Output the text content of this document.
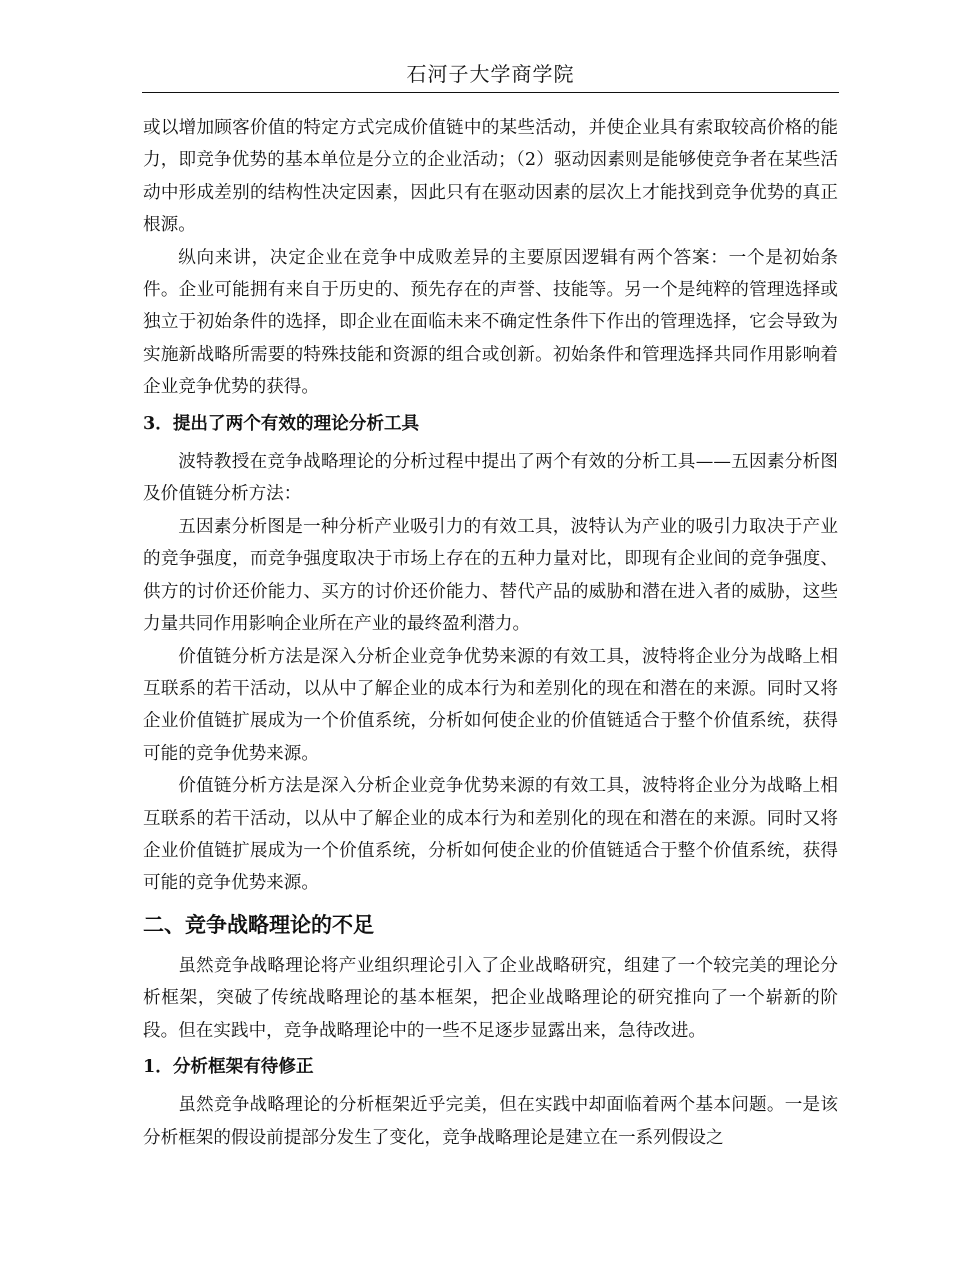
石河子大学商学院

或以增加顾客价值的特定方式完成价值链中的某些活动，并使企业具有索取较高价格的能力，即竞争优势的基本单位是分立的企业活动；（2）驱动因素则是能够使竞争者在某些活动中形成差别的结构性决定因素，因此只有在驱动因素的层次上才能找到竞争优势的真正根源。

纵向来讲，决定企业在竞争中成败差异的主要原因逻辑有两个答案：一个是初始条件。企业可能拥有来自于历史的、预先存在的声誉、技能等。另一个是纯粹的管理选择或独立于初始条件的选择，即企业在面临未来不确定性条件下作出的管理选择，它会导致为实施新战略所需要的特殊技能和资源的组合或创新。初始条件和管理选择共同作用影响着企业竞争优势的获得。

3．提出了两个有效的理论分析工具

波特教授在竞争战略理论的分析过程中提出了两个有效的分析工具——五因素分析图及价值链分析方法：

五因素分析图是一种分析产业吸引力的有效工具，波特认为产业的吸引力取决于产业的竞争强度，而竞争强度取决于市场上存在的五种力量对比，即现有企业间的竞争强度、供方的讨价还价能力、买方的讨价还价能力、替代产品的威胁和潜在进入者的威胁，这些力量共同作用影响企业所在产业的最终盈利潜力。

价值链分析方法是深入分析企业竞争优势来源的有效工具，波特将企业分为战略上相互联系的若干活动，以从中了解企业的成本行为和差别化的现在和潜在的来源。同时又将企业价值链扩展成为一个价值系统，分析如何使企业的价值链适合于整个价值系统，获得可能的竞争优势来源。

价值链分析方法是深入分析企业竞争优势来源的有效工具，波特将企业分为战略上相互联系的若干活动，以从中了解企业的成本行为和差别化的现在和潜在的来源。同时又将企业价值链扩展成为一个价值系统，分析如何使企业的价值链适合于整个价值系统，获得可能的竞争优势来源。

二、竞争战略理论的不足

虽然竞争战略理论将产业组织理论引入了企业战略研究，组建了一个较完美的理论分析框架，突破了传统战略理论的基本框架，把企业战略理论的研究推向了一个崭新的阶段。但在实践中，竞争战略理论中的一些不足逐步显露出来，急待改进。

1．分析框架有待修正

虽然竞争战略理论的分析框架近乎完美，但在实践中却面临着两个基本问题。一是该分析框架的假设前提部分发生了变化，竞争战略理论是建立在一系列假设之
